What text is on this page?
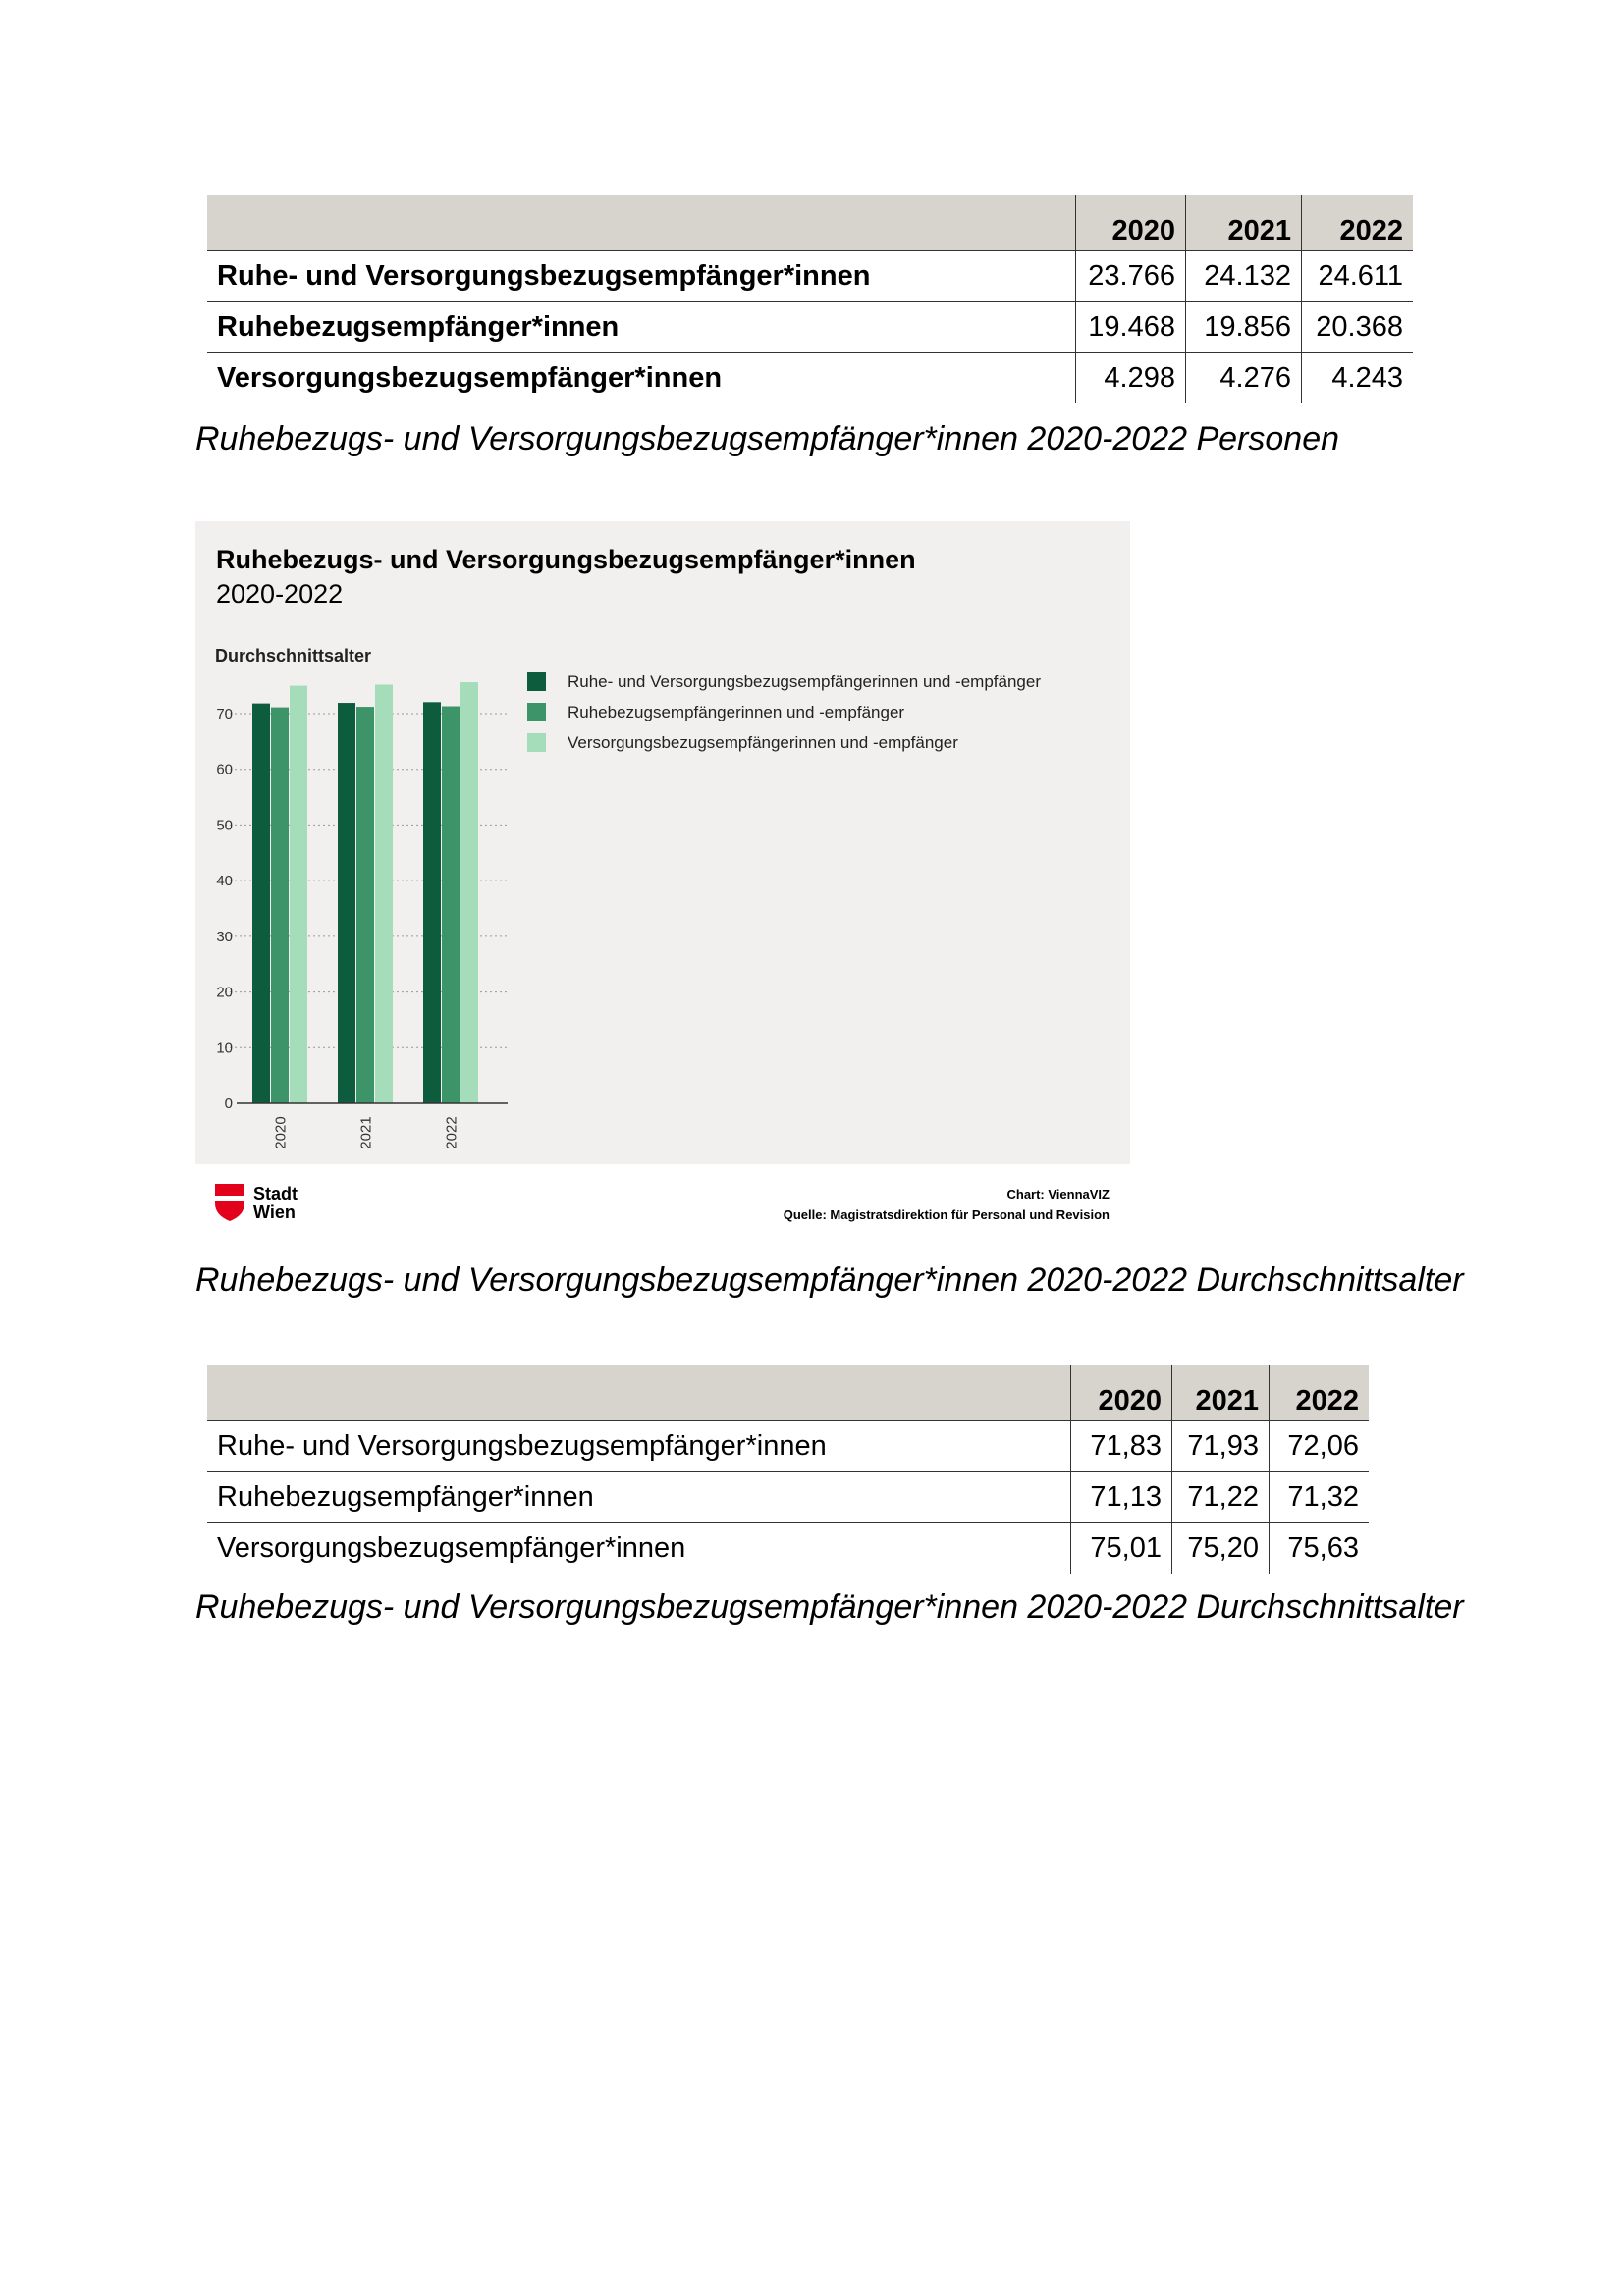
	2020	2021	2022
Ruhe- und Versorgungsbezugsempfänger*innen	23.766	24.132	24.611
Ruhebezugsempfänger*innen	19.468	19.856	20.368
Versorgungsbezugsempfänger*innen	4.298	4.276	4.243
Ruhebezugs- und Versorgungsbezugsempfänger*innen 2020-2022 Personen
Durchschnittsalter
0
10
20
30
40
50
60
70
2020	2021	2022
Ruhe- und Versorgungsbezugsempfängerinnen und -empfänger
Ruhebezugsempfängerinnen und -empfänger
Versorgungsbezugsempfängerinnen und -empfänger
Ruhebezugs- und Versorgungsbezugsempfänger*innen
2020-2022
Stadt
Wien
Chart: ViennaVIZ
Quelle: Magistratsdirektion für Personal und Revision
Ruhebezugs- und Versorgungsbezugsempfänger*innen 2020-2022 Durchschnittsalter
	2020	2021	2022
Ruhe- und Versorgungsbezugsempfänger*innen	71,83	71,93	72,06
Ruhebezugsempfänger*innen	71,13	71,22	71,32
Versorgungsbezugsempfänger*innen	75,01	75,20	75,63
Ruhebezugs- und Versorgungsbezugsempfänger*innen 2020-2022 Durchschnittsalter
